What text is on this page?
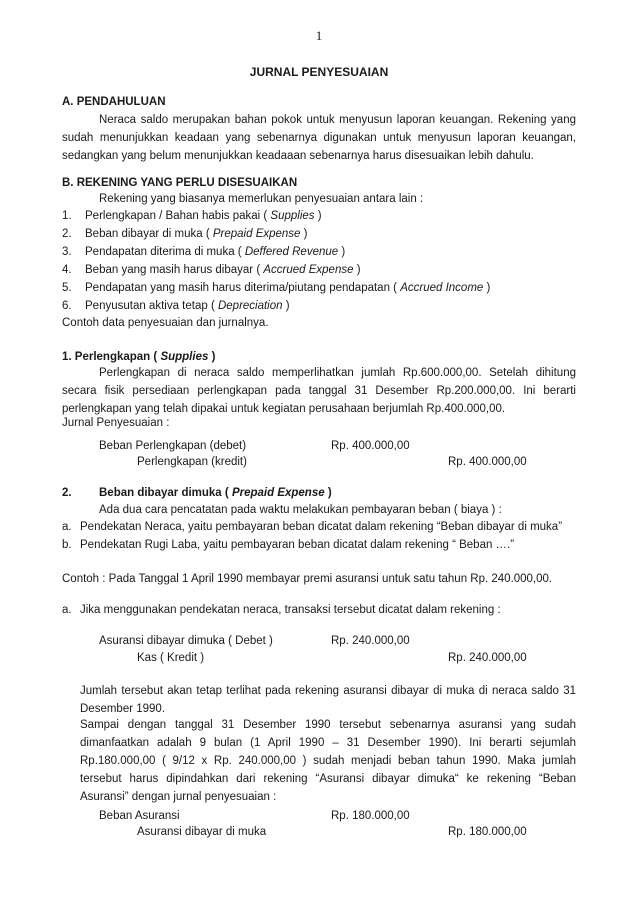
1
JURNAL PENYESUAIAN
A. PENDAHULUAN

Neraca saldo merupakan bahan pokok untuk menyusun laporan keuangan. Rekening yang sudah menunjukkan keadaan yang sebenarnya digunakan untuk menyusun laporan keuangan, sedangkan yang belum menunjukkan keadaaan sebenarnya harus disesuaikan lebih dahulu.

B. REKENING YANG PERLU DISESUAIKAN
Rekening yang biasanya memerlukan penyesuaian antara lain :
1. Perlengkapan / Bahan habis pakai ( Supplies )
2. Beban dibayar di muka ( Prepaid Expense )
3. Pendapatan diterima di muka ( Deffered Revenue )
4. Beban yang masih harus dibayar ( Accrued Expense )
5. Pendapatan yang masih harus diterima/piutang pendapatan ( Accrued Income )
6. Penyusutan aktiva tetap ( Depreciation )
Contoh data penyesuaian dan jurnalnya.
1. Perlengkapan ( Supplies )

Perlengkapan di neraca saldo memperlihatkan jumlah Rp.600.000,00. Setelah dihitung secara fisik persediaan perlengkapan pada tanggal 31 Desember Rp.200.000,00. Ini berarti perlengkapan yang telah dipakai untuk kegiatan perusahaan berjumlah Rp.400.000,00.

Jurnal Penyesuaian :
Beban Perlengkapan (debet)	Rp. 400.000,00
Perlengkapan (kredit)	Rp. 400.000,00
2. Beban dibayar dimuka ( Prepaid Expense )
Ada dua cara pencatatan pada waktu melakukan pembayaran beban ( biaya ) :
a. Pendekatan Neraca, yaitu pembayaran beban dicatat dalam rekening “Beban dibayar di muka”
b. Pendekatan Rugi Laba, yaitu pembayaran beban dicatat dalam rekening “ Beban ….”
Contoh : Pada Tanggal 1 April 1990 membayar premi asuransi untuk satu tahun Rp. 240.000,00.
a. Jika menggunakan pendekatan neraca, transaksi tersebut dicatat dalam rekening :
Asuransi dibayar dimuka ( Debet )	Rp. 240.000,00
Kas ( Kredit )	Rp. 240.000,00

Jumlah tersebut akan tetap terlihat pada rekening asuransi dibayar di muka di neraca saldo 31 Desember 1990.

Sampai dengan tanggal 31 Desember 1990 tersebut sebenarnya asuransi yang sudah dimanfaatkan adalah 9 bulan (1 April 1990 – 31 Desember 1990). Ini berarti sejumlah Rp.180.000,00 ( 9/12 x Rp. 240.000,00 ) sudah menjadi beban tahun 1990. Maka jumlah tersebut harus dipindahkan dari rekening “Asuransi dibayar dimuka“ ke rekening “Beban Asuransi” dengan jurnal penyesuaian :

Beban Asuransi	Rp. 180.000,00
Asuransi dibayar di muka	Rp. 180.000,00
